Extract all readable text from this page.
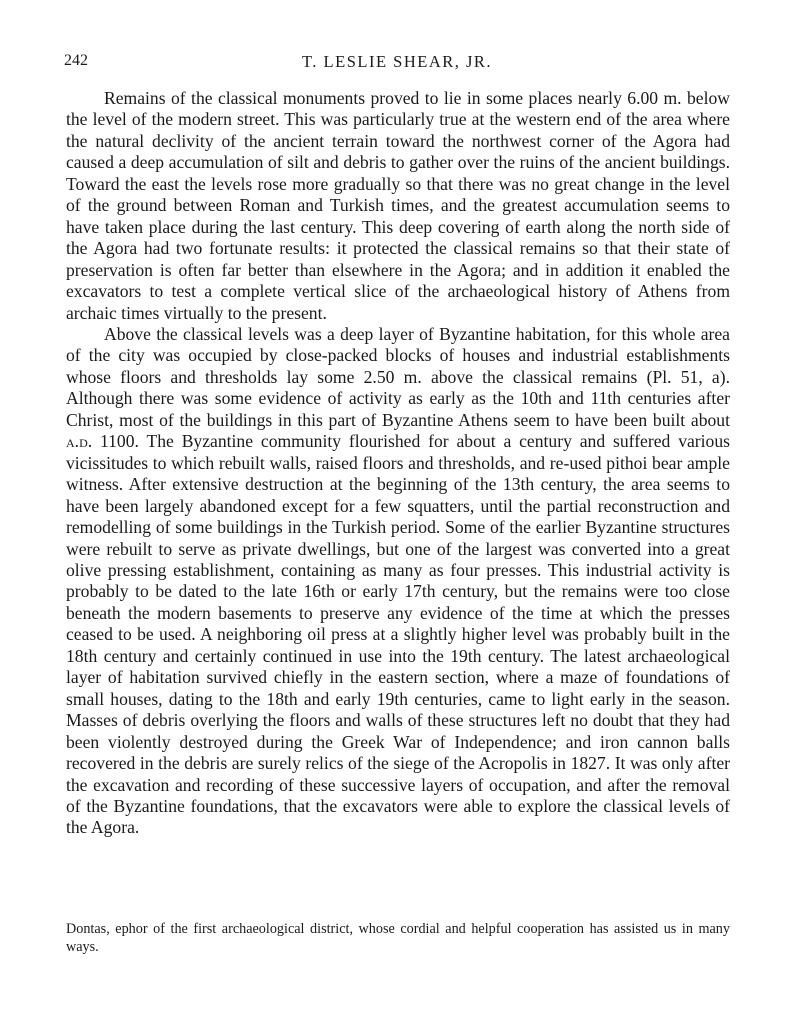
242	T. LESLIE SHEAR, JR.

Remains of the classical monuments proved to lie in some places nearly 6.00 m. below the level of the modern street. This was particularly true at the western end of the area where the natural declivity of the ancient terrain toward the northwest corner of the Agora had caused a deep accumulation of silt and debris to gather over the ruins of the ancient buildings. Toward the east the levels rose more gradually so that there was no great change in the level of the ground between Roman and Turkish times, and the greatest accumulation seems to have taken place during the last century. This deep covering of earth along the north side of the Agora had two fortunate results: it protected the classical remains so that their state of preservation is often far better than elsewhere in the Agora; and in addition it enabled the excavators to test a complete vertical slice of the archaeological history of Athens from archaic times virtually to the present.

Above the classical levels was a deep layer of Byzantine habitation, for this whole area of the city was occupied by close-packed blocks of houses and industrial establishments whose floors and thresholds lay some 2.50 m. above the classical remains (Pl. 51, a). Although there was some evidence of activity as early as the 10th and 11th centuries after Christ, most of the buildings in this part of Byzantine Athens seem to have been built about a.d. 1100. The Byzantine community flourished for about a century and suffered various vicissitudes to which rebuilt walls, raised floors and thresholds, and re-used pithoi bear ample witness. After extensive destruction at the beginning of the 13th century, the area seems to have been largely abandoned except for a few squatters, until the partial reconstruction and remodelling of some buildings in the Turkish period. Some of the earlier Byzantine structures were rebuilt to serve as private dwellings, but one of the largest was converted into a great olive pressing establishment, containing as many as four presses. This industrial activity is probably to be dated to the late 16th or early 17th century, but the remains were too close beneath the modern basements to preserve any evidence of the time at which the presses ceased to be used. A neighboring oil press at a slightly higher level was probably built in the 18th century and certainly continued in use into the 19th century. The latest archaeological layer of habitation survived chiefly in the eastern section, where a maze of foundations of small houses, dating to the 18th and early 19th centuries, came to light early in the season. Masses of debris overlying the floors and walls of these structures left no doubt that they had been violently destroyed during the Greek War of Independence; and iron cannon balls recovered in the debris are surely relics of the siege of the Acropolis in 1827. It was only after the excavation and recording of these successive layers of occupation, and after the removal of the Byzantine foundations, that the excavators were able to explore the classical levels of the Agora.

Dontas, ephor of the first archaeological district, whose cordial and helpful cooperation has assisted us in many ways.
